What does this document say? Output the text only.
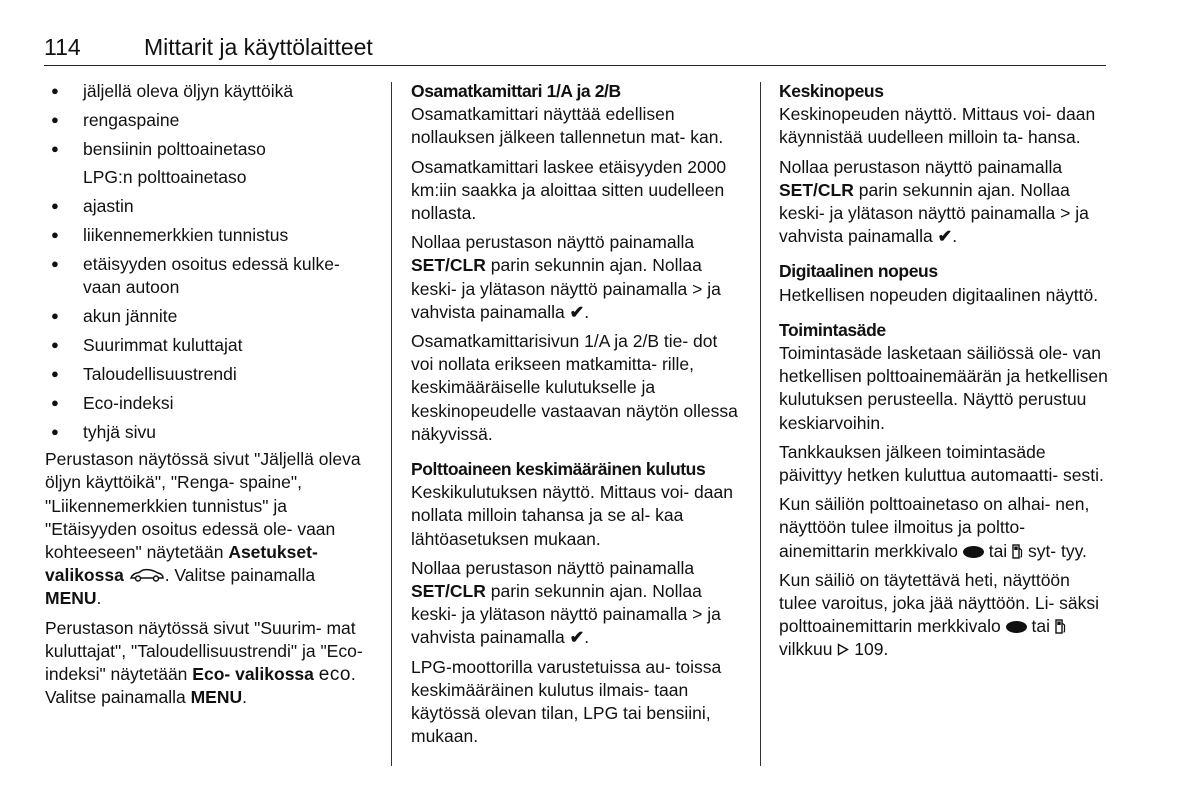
114	Mittarit ja käyttölaitteet
● jäljellä oleva öljyn käyttöikä
● rengaspaine
● bensiinin polttoainetaso
LPG:n polttoainetaso
● ajastin
● liikennemerkkien tunnistus
● etäisyyden osoitus edessä kulke‐ vaan autoon
● akun jännite
● Suurimmat kuluttajat
● Taloudellisuustrendi
● Eco-indeksi
● tyhjä sivu
Perustason näytössä sivut "Jäljellä oleva öljyn käyttöikä", "Renga‐ spaine", "Liikennemerkkien tunnistus" ja "Etäisyyden osoitus edessä ole‐ vaan kohteeseen" näytetään Asetukset-valikossa . Valitse painamalla MENU.
Perustason näytössä sivut "Suurim‐ mat kuluttajat", "Taloudellisuustrendi" ja "Eco-indeksi" näytetään Eco- valikossa eco. Valitse painamalla MENU.
Osamatkamittari 1/A ja 2/B
Osamatkamittari näyttää edellisen nollauksen jälkeen tallennetun mat‐ kan.
Osamatkamittari laskee etäisyyden 2000 km:iin saakka ja aloittaa sitten uudelleen nollasta.
Nollaa perustason näyttö painamalla SET/CLR parin sekunnin ajan. Nollaa keski- ja ylätason näyttö painamalla > ja vahvista painamalla ✔.
Osamatkamittarisivun 1/A ja 2/B tie‐ dot voi nollata erikseen matkamitta‐ rille, keskimääräiselle kulutukselle ja keskinopeudelle vastaavan näytön ollessa näkyvissä.
Polttoaineen keskimääräinen kulutus
Keskikulutuksen näyttö. Mittaus voi‐ daan nollata milloin tahansa ja se al‐ kaa lähtöasetuksen mukaan.
Nollaa perustason näyttö painamalla SET/CLR parin sekunnin ajan. Nollaa keski- ja ylätason näyttö painamalla > ja vahvista painamalla ✔.
LPG-moottorilla varustetuissa au‐ toissa keskimääräinen kulutus ilmais‐ taan käytössä olevan tilan, LPG tai bensiini, mukaan.
Keskinopeus
Keskinopeuden näyttö. Mittaus voi‐ daan käynnistää uudelleen milloin ta‐ hansa.
Nollaa perustason näyttö painamalla SET/CLR parin sekunnin ajan. Nollaa keski- ja ylätason näyttö painamalla > ja vahvista painamalla ✔.
Digitaalinen nopeus
Hetkellisen nopeuden digitaalinen näyttö.
Toimintasäde
Toimintasäde lasketaan säiliössä ole‐ van hetkellisen polttoainemäärän ja hetkellisen kulutuksen perusteella. Näyttö perustuu keskiarvoihin.
Tankkauksen jälkeen toimintasäde päivittyy hetken kuluttua automaatti‐ sesti.
Kun säiliön polttoainetaso on alhai‐ nen, näyttöön tulee ilmoitus ja poltto‐ ainemittarin merkkivalo tai syt‐ tyy.
Kun säiliö on täytettävä heti, näyttöön tulee varoitus, joka jää näyttöön. Li‐ säksi polttoainemittarin merkkivalo tai  vilkkuu 109.
